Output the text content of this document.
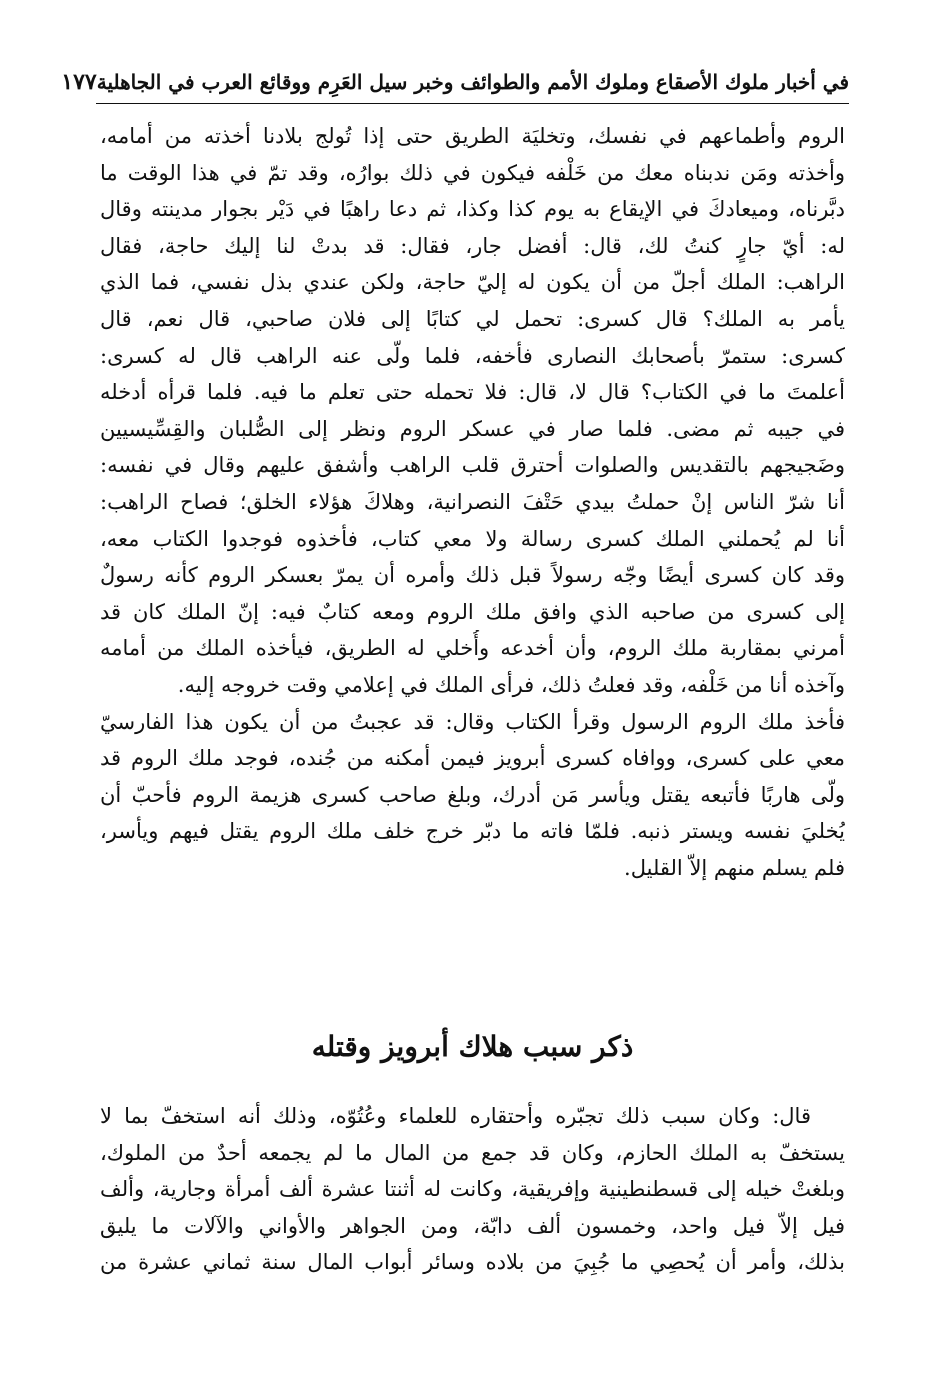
في أخبار ملوك الأصقاع وملوك الأمم والطوائف وخبر سيل العَرِم ووقائع العرب في الجاهلية
١٧٧
الروم وأطماعهم في نفسك، وتخليَة الطريق حتى إذا تُولج بلادنا أخذته من أمامه،
وأخذته ومَن ندبناه معك من خَلْفه فيكون في ذلك بوارُه، وقد تمّ في هذا الوقت ما
دبَّرناه، وميعادكَ في الإيقاع به يوم كذا وكذا، ثم دعا راهبًا في دَيْر بجوار مدينته وقال
له: أيّ جارٍ كنتُ لك، قال: أفضل جار، فقال: قد بدتْ لنا إليك حاجة، فقال
الراهب: الملك أجلّ من أن يكون له إليّ حاجة، ولكن عندي بذل نفسي، فما الذي
يأمر به الملك؟ قال كسرى: تحمل لي كتابًا إلى فلان صاحبي، قال نعم، قال
كسرى: ستمرّ بأصحابك النصارى فأخفه، فلما ولّى عنه الراهب قال له كسرى:
أعلمتَ ما في الكتاب؟ قال لا، قال: فلا تحمله حتى تعلم ما فيه. فلما قرأه أدخله
في جيبه ثم مضى. فلما صار في عسكر الروم ونظر إلى الصُّلبان والقِسِّيسيين
وضَجيجهم بالتقديس والصلوات أحترق قلب الراهب وأشفق عليهم وقال في نفسه:
أنا شرّ الناس إنْ حملتُ بيدي حَتْفَ النصرانية، وهلاكَ هؤلاء الخلق؛ فصاح الراهب:
أنا لم يُحملني الملك كسرى رسالة ولا معي كتاب، فأخذوه فوجدوا الكتاب معه،
وقد كان كسرى أيضًا وجّه رسولاً قبل ذلك وأمره أن يمرّ بعسكر الروم كأنه رسولٌ
إلى كسرى من صاحبه الذي وافق ملك الروم ومعه كتابٌ فيه: إنّ الملك كان قد
أمرني بمقاربة ملك الروم، وأن أخدعه وأُخلي له الطريق، فيأخذه الملك من أمامه
وآخذه أنا من خَلْفه، وقد فعلتُ ذلك، فرأى الملك في إعلامي وقت خروجه إليه.
فأخذ ملك الروم الرسول وقرأ الكتاب وقال: قد عجبتُ من أن يكون هذا الفارسيّ
معي على كسرى، ووافاه كسرى أبرويز فيمن أمكنه من جُنده، فوجد ملك الروم قد
ولّى هاربًا فأتبعه يقتل ويأسر مَن أدرك، وبلغ صاحب كسرى هزيمة الروم فأحبّ أن
يُخليَ نفسه ويستر ذنبه. فلمّا فاته ما دبّر خرج خلف ملك الروم يقتل فيهم ويأسر،
فلم يسلم منهم إلاّ القليل.
ذكر سبب هلاك أبرويز وقتله
قال: وكان سبب ذلك تجبّره وأحتقاره للعلماء وعُتُوّه، وذلك أنه استخفّ بما لا
يستخفّ به الملك الحازم، وكان قد جمع من المال ما لم يجمعه أحدٌ من الملوك،
وبلغتْ خيله إلى قسطنطينية وإفريقية، وكانت له أثنتا عشرة ألف أمرأة وجارية، وألف
فيل إلاّ فيل واحد، وخمسون ألف دابّة، ومن الجواهر والأواني والآلات ما يليق
بذلك، وأمر أن يُحصِي ما جُبِيَ من بلاده وسائر أبواب المال سنة ثماني عشرة من
